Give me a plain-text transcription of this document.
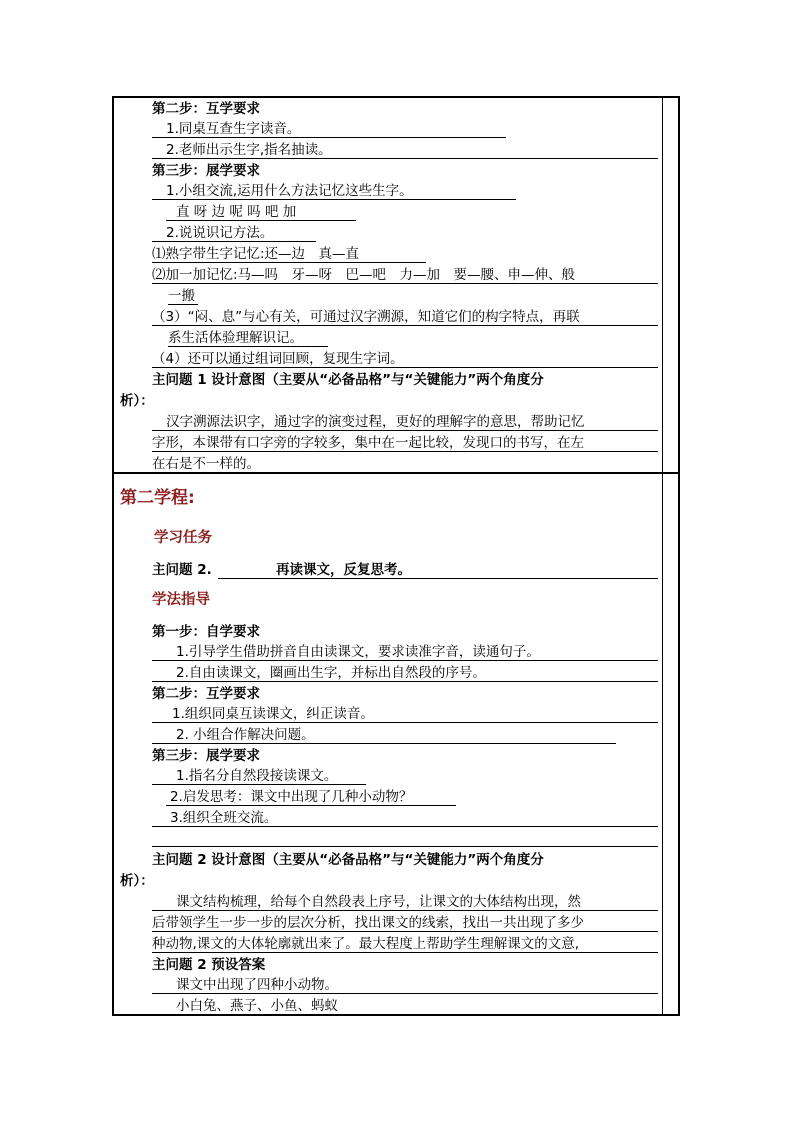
第二步：互学要求
1.同桌互查生字读音。
2.老师出示生字,指名抽读。
第三步：展学要求
1.小组交流,运用什么方法记忆这些生字。
直 呀 边 呢 吗 吧 加
2.说说识记方法。
⑴熟字带生字记忆:还—边　真—直
⑵加一加记忆:马—吗　牙—呀　巴—吧　力—加　要—腰、申—伸、般
一搬
（3）“闷、息”与心有关，可通过汉字溯源，知道它们的构字特点，再联
系生活体验理解识记。
（4）还可以通过组词回顾，复现生字词。
主问题 1 设计意图（主要从“必备品格”与“关键能力”两个角度分
析）：
汉字溯源法识字，通过字的演变过程，更好的理解字的意思，帮助记忆
字形，本课带有口字旁的字较多，集中在一起比较，发现口的书写，在左
在右是不一样的。
第二学程:
学习任务
主问题 2.	再读课文，反复思考。
学法指导
第一步：自学要求
1.引导学生借助拼音自由读课文，要求读准字音，读通句子。
2.自由读课文，圈画出生字，并标出自然段的序号。
第二步：互学要求
1.组织同桌互读课文，纠正读音。
2. 小组合作解决问题。
第三步：展学要求
1.指名分自然段接读课文。
2.启发思考：课文中出现了几种小动物？
3.组织全班交流。
主问题 2 设计意图（主要从“必备品格”与“关键能力”两个角度分
析）：
课文结构梳理，给每个自然段表上序号，让课文的大体结构出现，然
后带领学生一步一步的层次分析，找出课文的线索，找出一共出现了多少
种动物,课文的大体轮廓就出来了。最大程度上帮助学生理解课文的文意,
主问题 2 预设答案
课文中出现了四种小动物。
小白兔、燕子、小鱼、蚂蚁
